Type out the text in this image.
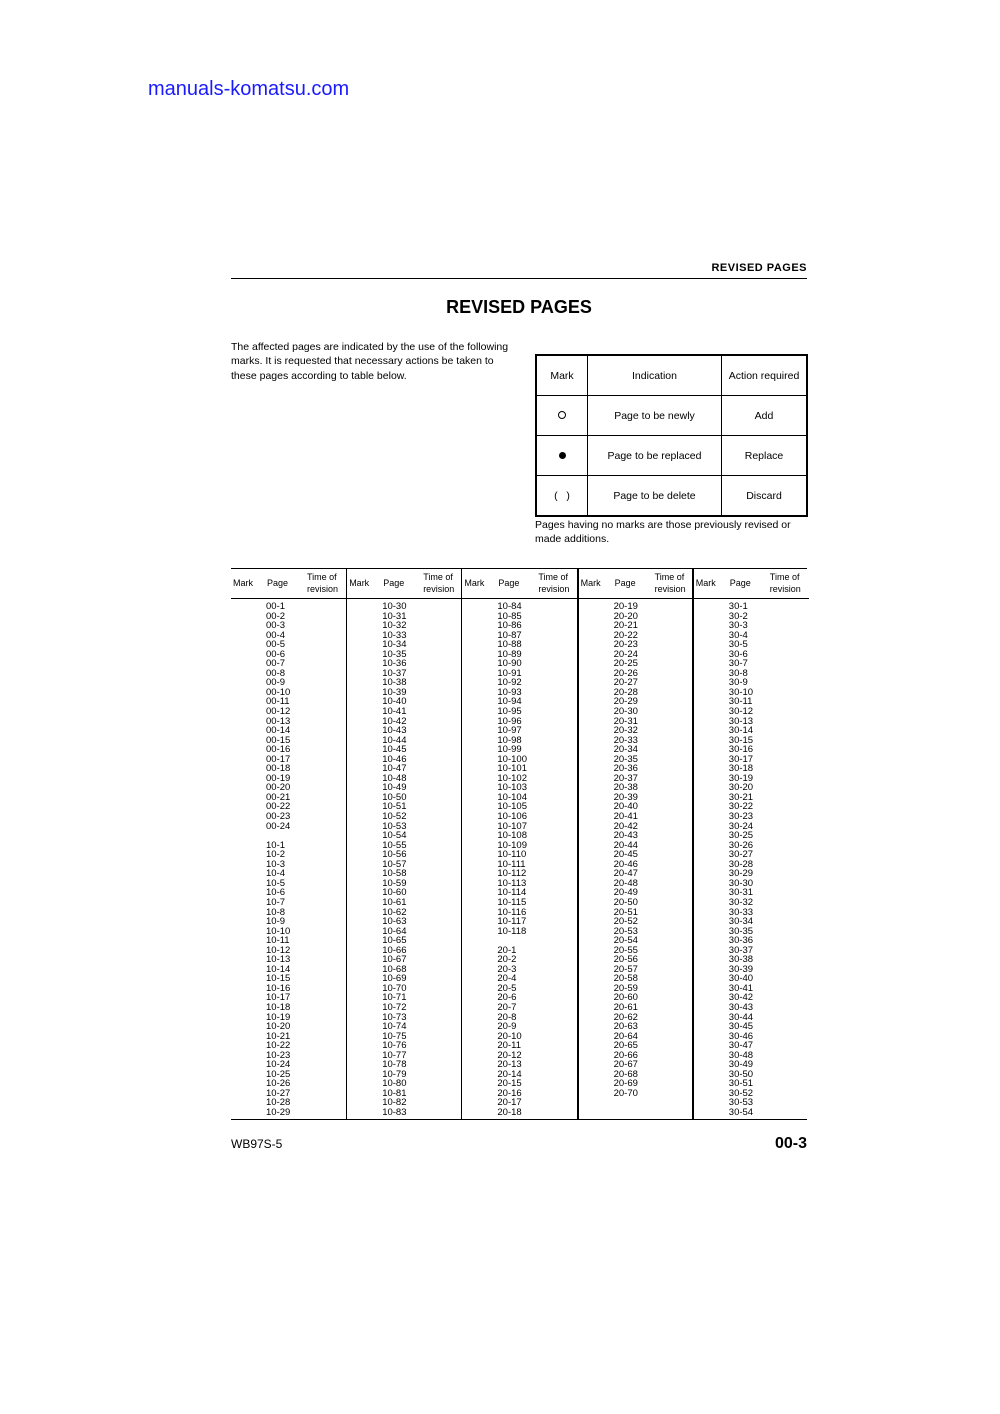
manuals-komatsu.com
REVISED PAGES
REVISED PAGES
The affected pages are indicated by the use of the following marks. It is requested that necessary actions be taken to these pages according to table below.	Mark	Indication	Action required
	Page to be newly	Add
	Page to be replaced	Replace
(   )	Page to be delete	Discard
Pages having no marks are those previously revised or made additions.
Mark Page
Time of
revision
00-1
00-2
00-3
00-4
00-5
00-6
00-7
00-8
00-9
00-10
00-11
00-12
00-13
00-14
00-15
00-16
00-17
00-18
00-19
00-20
00-21
00-22
00-23
00-24
10-1
10-2
10-3
10-4
10-5
10-6
10-7
10-8
10-9
10-10
10-11
10-12
10-13
10-14
10-15
10-16
10-17
10-18
10-19
10-20
10-21
10-22
10-23
10-24
10-25
10-26
10-27
10-28
10-29
Mark Page
Time of
revision
10-30
10-31
10-32
10-33
10-34
10-35
10-36
10-37
10-38
10-39
10-40
10-41
10-42
10-43
10-44
10-45
10-46
10-47
10-48
10-49
10-50
10-51
10-52
10-53
10-54
10-55
10-56
10-57
10-58
10-59
10-60
10-61
10-62
10-63
10-64
10-65
10-66
10-67
10-68
10-69
10-70
10-71
10-72
10-73
10-74
10-75
10-76
10-77
10-78
10-79
10-80
10-81
10-82
10-83
Mark Page
Time of
revision
10-84
10-85
10-86
10-87
10-88
10-89
10-90
10-91
10-92
10-93
10-94
10-95
10-96
10-97
10-98
10-99
10-100
10-101
10-102
10-103
10-104
10-105
10-106
10-107
10-108
10-109
10-110
10-111
10-112
10-113
10-114
10-115
10-116
10-117
10-118
20-1
20-2
20-3
20-4
20-5
20-6
20-7
20-8
20-9
20-10
20-11
20-12
20-13
20-14
20-15
20-16
20-17
20-18
Mark Page
Time of
revision
20-19
20-20
20-21
20-22
20-23
20-24
20-25
20-26
20-27
20-28
20-29
20-30
20-31
20-32
20-33
20-34
20-35
20-36
20-37
20-38
20-39
20-40
20-41
20-42
20-43
20-44
20-45
20-46
20-47
20-48
20-49
20-50
20-51
20-52
20-53
20-54
20-55
20-56
20-57
20-58
20-59
20-60
20-61
20-62
20-63
20-64
20-65
20-66
20-67
20-68
20-69
20-70
Mark Page
Time of
revision
30-1
30-2
30-3
30-4
30-5
30-6
30-7
30-8
30-9
30-10
30-11
30-12
30-13
30-14
30-15
30-16
30-17
30-18
30-19
30-20
30-21
30-22
30-23
30-24
30-25
30-26
30-27
30-28
30-29
30-30
30-31
30-32
30-33
30-34
30-35
30-36
30-37
30-38
30-39
30-40
30-41
30-42
30-43
30-44
30-45
30-46
30-47
30-48
30-49
30-50
30-51
30-52
30-53
30-54
WB97S-5	00-3
